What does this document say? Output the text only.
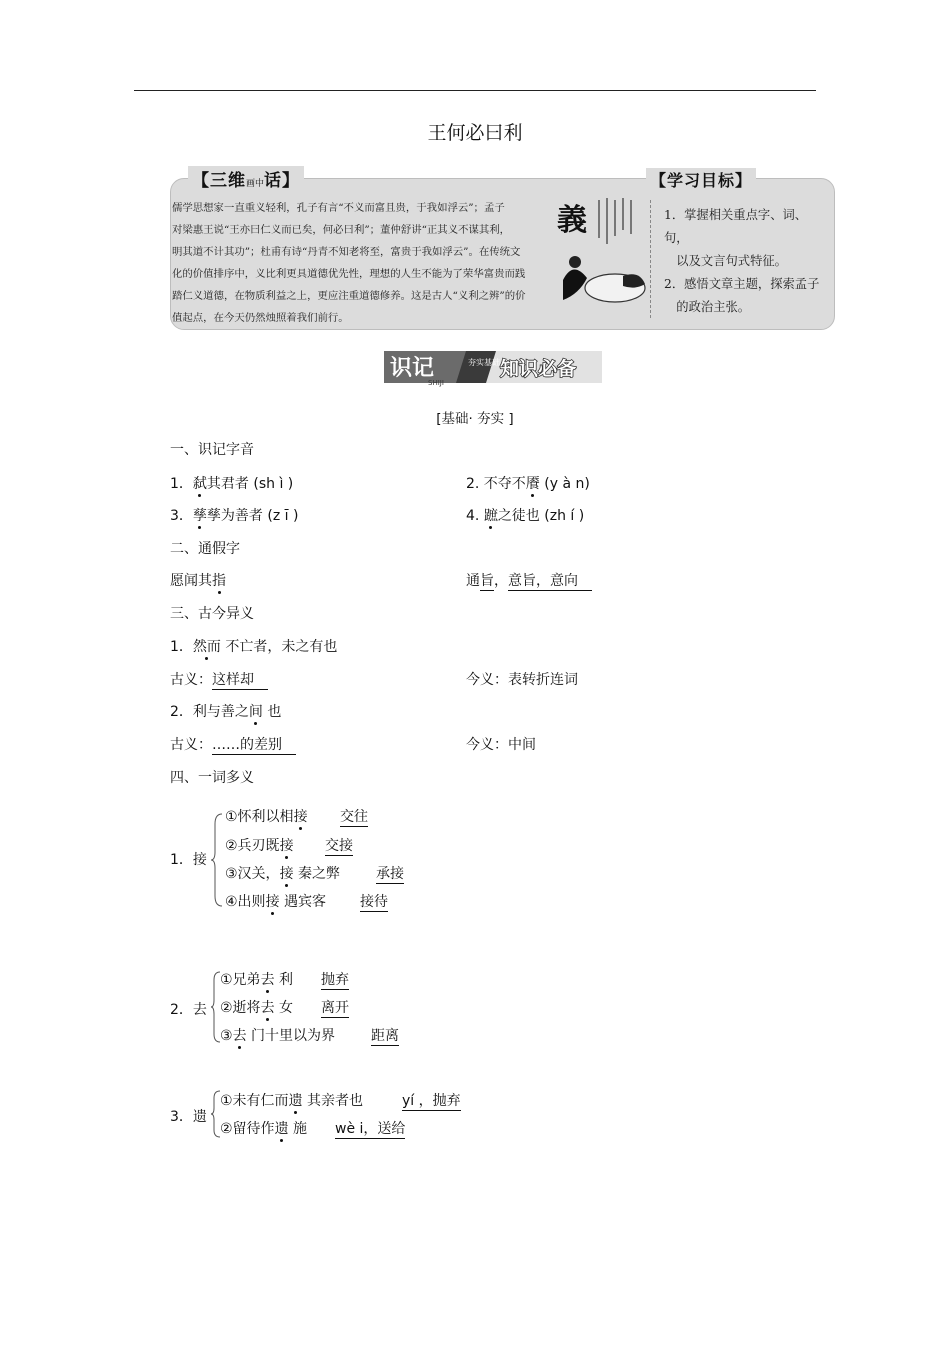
王何必曰利
【三维画中话】	【学习目标】
儒学思想家一直重义轻利，孔子有言“不义而富且贵，于我如浮云”；孟子
对梁惠王说“王亦曰仁义而已矣，何必曰利”；董仲舒讲“正其义不谋其利，
明其道不计其功”；杜甫有诗“丹青不知老将至，富贵于我如浮云”。在传统文
化的价值排序中，义比利更具道德优先性，理想的人生不能为了荣华富贵而践
踏仁义道德，在物质利益之上，更应注重道德修养。这是古人“义利之辨”的价
值起点，在今天仍然烛照着我们前行。
義	1．掌握相关重点字、词、句，
　以及文言句式特征。
2．感悟文章主题，探索孟子
　的政治主张。
识记
SHIJI
夯实基础 知识必备
[基础· 夯实 ]
一、识记字音
1．弑其君者 (sh ì )	2. 不夺不餍 (y à n)
3．孳孳为善者 (z ī )	4. 蹠之徒也 (zh í )
二、通假字
愿闻其指	通旨，意旨，意向
三、古今异义
1．然而 不亡者，未之有也
古义：这样却	今义：表转折连词
2．利与善之间 也
古义：……的差别	今义：中间
四、一词多义
1．接
①怀利以相接 交往
②兵刃既接 交接
③汉关，接 秦之弊	承接
④出则接 遇宾客 接待
2．去
①兄弟去 利 抛弃
②逝将去 女 离开
③去 门十里以为界	距离
3．遗
①未有仁而遗 其亲者也	yí ，抛弃
②留待作遗 施 wè i，送给
